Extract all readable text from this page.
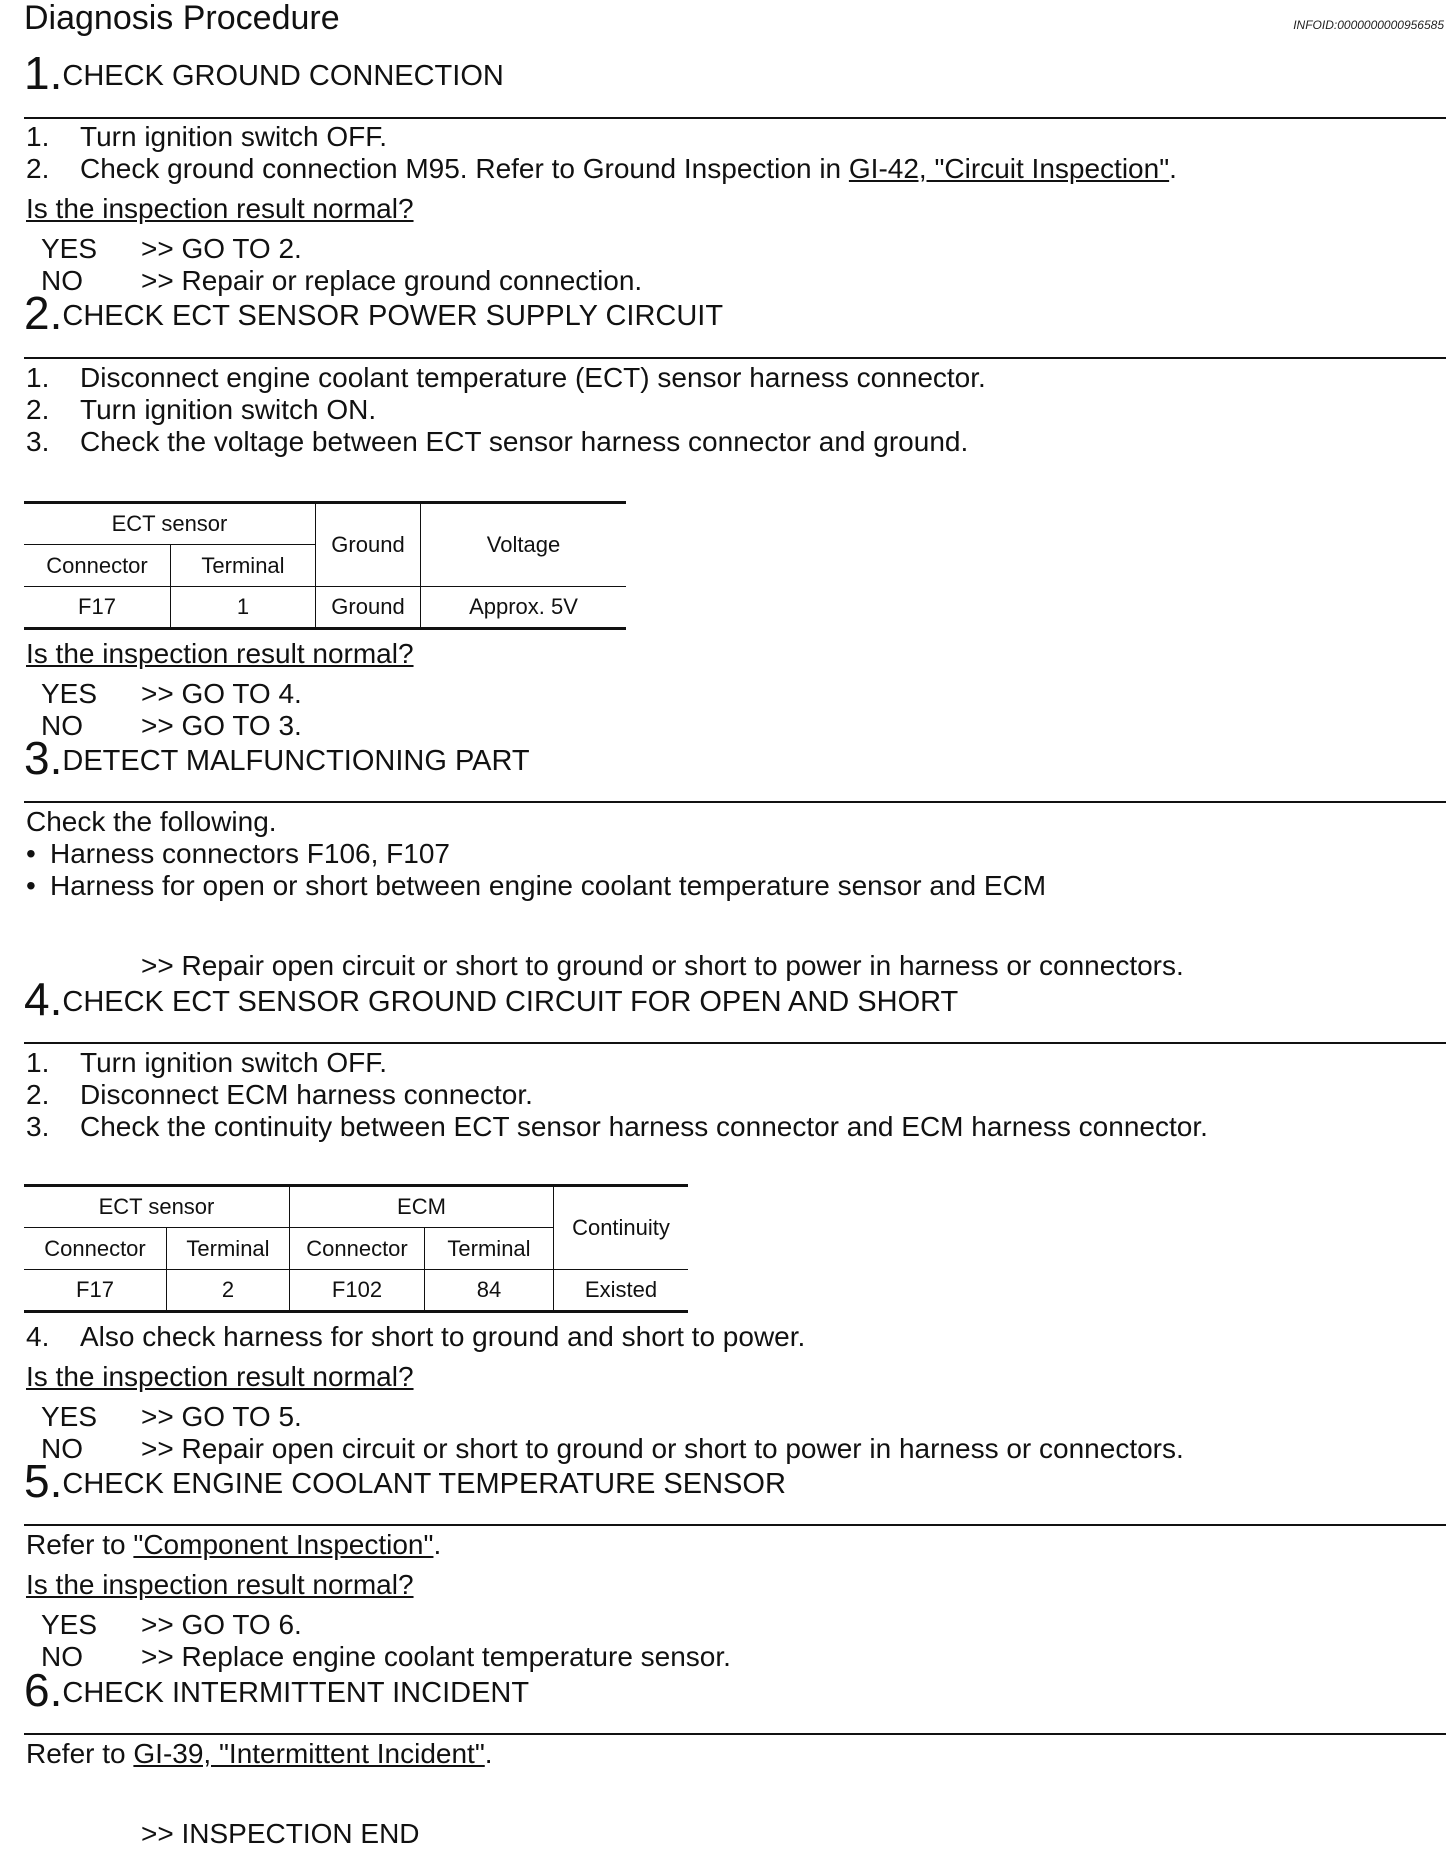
Diagnosis Procedure	INFOID:0000000000956585
1.CHECK GROUND CONNECTION
1. Turn ignition switch OFF.
2. Check ground connection M95. Refer to Ground Inspection in GI-42, "Circuit Inspection".
Is the inspection result normal?
YES >> GO TO 2.
NO >> Repair or replace ground connection.
2.CHECK ECT SENSOR POWER SUPPLY CIRCUIT
1. Disconnect engine coolant temperature (ECT) sensor harness connector.
2. Turn ignition switch ON.
3. Check the voltage between ECT sensor harness connector and ground.
ECT sensor		Ground	Voltage
Connector	Terminal		
F17	1	Ground	Approx. 5V
Is the inspection result normal?
YES >> GO TO 4.
NO >> GO TO 3.
3.DETECT MALFUNCTIONING PART
Check the following.
• Harness connectors F106, F107
• Harness for open or short between engine coolant temperature sensor and ECM
>> Repair open circuit or short to ground or short to power in harness or connectors.
4.CHECK ECT SENSOR GROUND CIRCUIT FOR OPEN AND SHORT
1. Turn ignition switch OFF.
2. Disconnect ECM harness connector.
3. Check the continuity between ECT sensor harness connector and ECM harness connector.
ECT sensor		ECM		Continuity
Connector	Terminal	Connector	Terminal	
F17	2	F102	84	Existed
4. Also check harness for short to ground and short to power.
Is the inspection result normal?
YES >> GO TO 5.
NO >> Repair open circuit or short to ground or short to power in harness or connectors.
5.CHECK ENGINE COOLANT TEMPERATURE SENSOR
Refer to "Component Inspection".
Is the inspection result normal?
YES >> GO TO 6.
NO >> Replace engine coolant temperature sensor.
6.CHECK INTERMITTENT INCIDENT
Refer to GI-39, "Intermittent Incident".
>> INSPECTION END
